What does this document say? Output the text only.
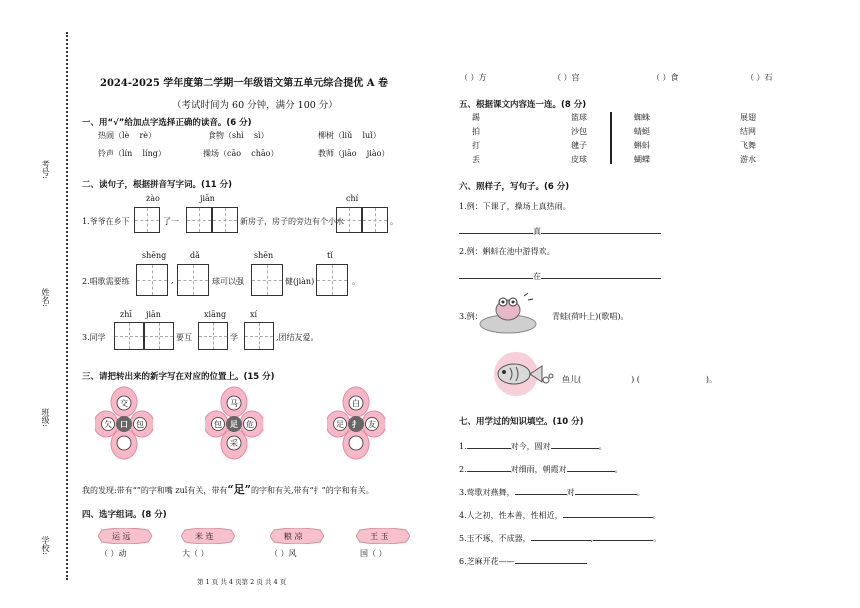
考号:
姓名:
班级:
学校:
2024-2025 学年度第二学期一年级语文第五单元综合提优 A 卷
（考试时间为 60 分钟，满分 100 分）
一、用“√”给加点字选择正确的读音。(6 分)
热闹（lè rè）	食物（shì sì）	柳树（liǔ luǐ）
铃声（lín líng）	操场（cāo chāo）	教师（jiāo jiào）
二、读句子，根据拼音写字词。(11 分)
zào	jiān	chí
1.爷爷在乡下	了一	新房子，房子的旁边有个小水	。
shēng	dǎ	shēn	tǐ
2.唱歌需要练	,	球可以强	健(jiàn)	。
zhī jiān	xiāng	xí
3.同学	要互	学	,团结友爱。
三、请把转出来的新字写在对应的位置上。(15 分)
交
欠	包
口
马
包	危
采
足
白
足	友
扌
我的发现:带有“”的字和嘴 zuǐ有关，带有“足”的字和有关,带有“扌”的字和有关。
四、选字组词。(8 分)
运 远	米 连	粮 凉	王 玉
（ ）动	大（ ）	（ ）风	国（ ）
第 1 页 共 4 页第 2 页 共 4 页
（ ）方	（ ）宫	（ ）食	（ ）石
五、根据课文内容连一连。(8 分)
踢
拍
打
丢
篮球
沙包
毽子
皮球
蜘蛛
蜻蜓
蝌蚪
蝴蝶
展翅
结网
飞舞
游水
六、照样子，写句子。(6 分)
1.例：下课了，操场上真热闹。
真
2.例：蝌蚪在池中游得欢。
在
3.例：	青蛙(荷叶上)(歌唱)。
鱼儿(	) (	)。
七、用学过的知识填空。(10 分)
1.	对今，圆对	。
2.	对细雨，朝霞对	。
3.莺歌对燕舞，	对	。
4.人之初，性本善，性相近，	。
5.玉不琢，不成器，	,	。
6.芝麻开花——
